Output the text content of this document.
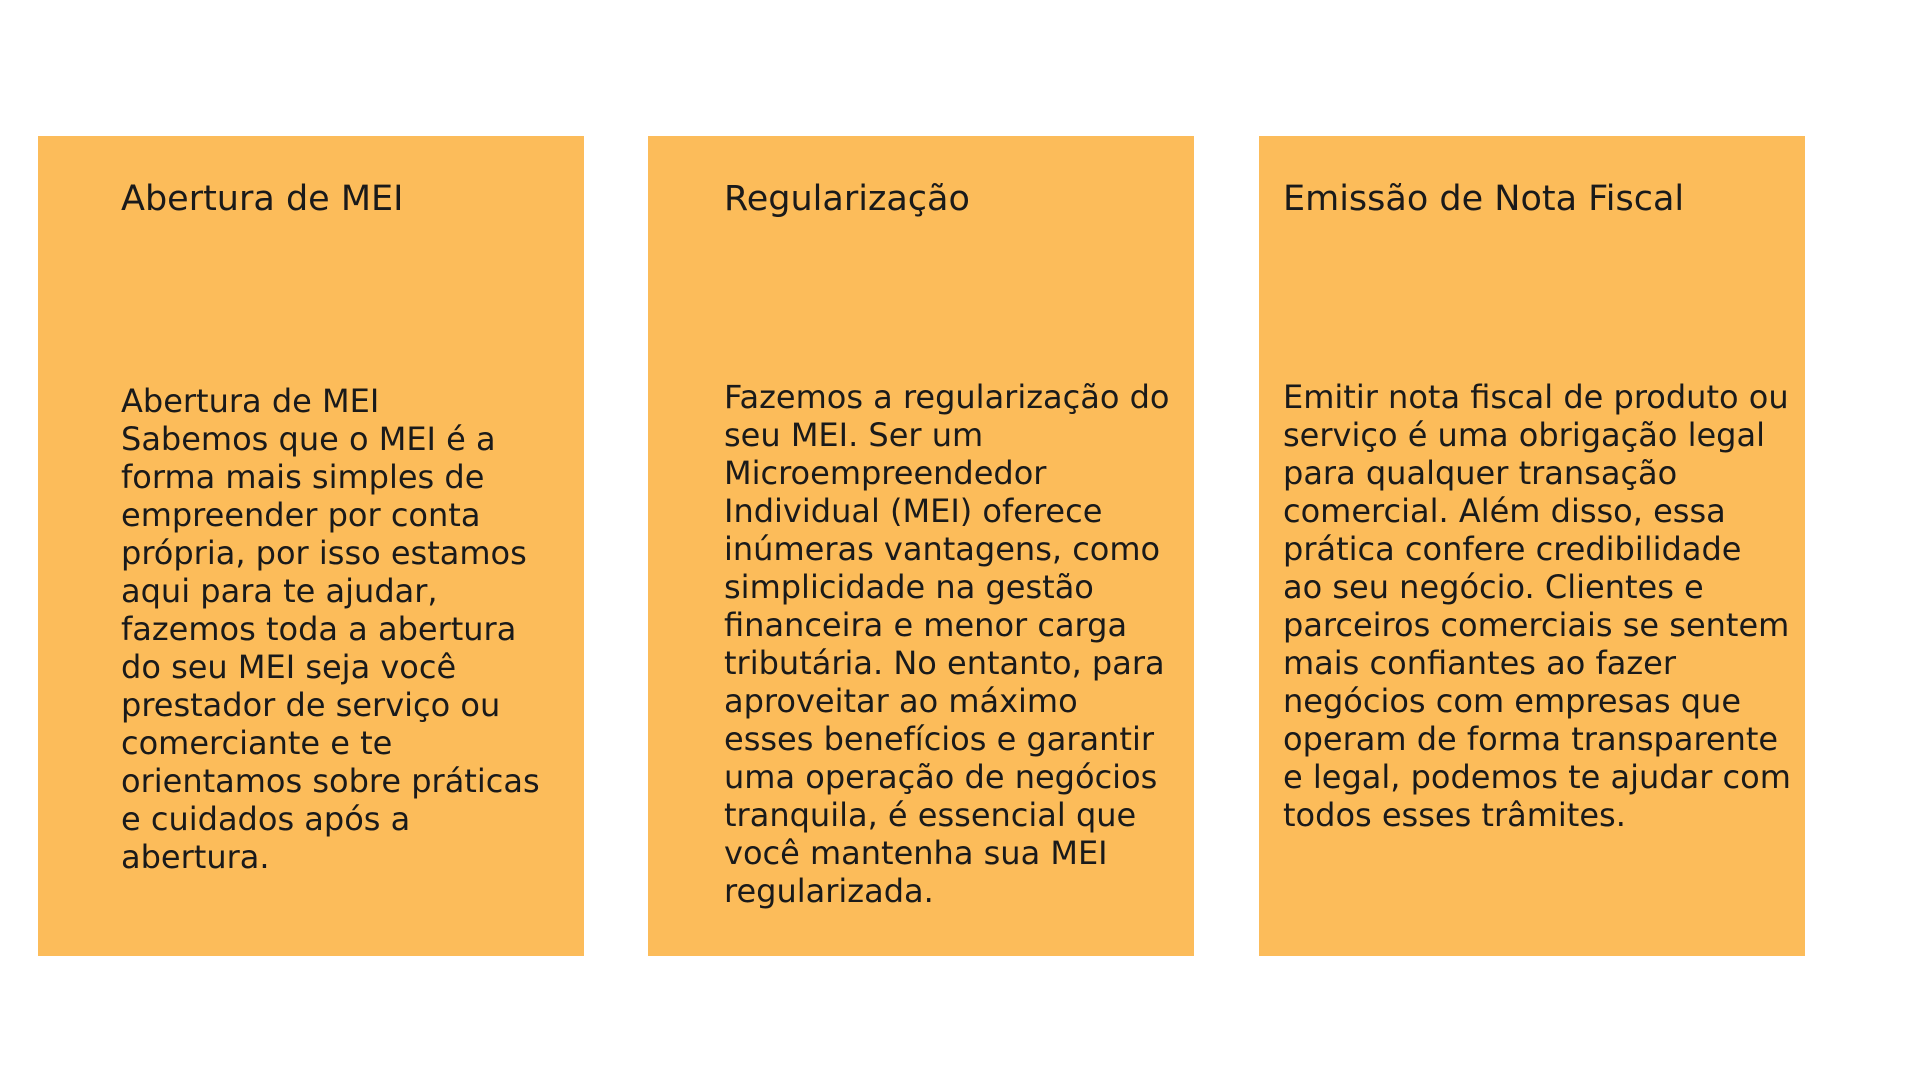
Abertura de MEI

Abertura de MEI
Sabemos que o MEI é a
forma mais simples de
empreender por conta
própria, por isso estamos
aqui para te ajudar,
fazemos toda a abertura
do seu MEI seja você
prestador de serviço ou
comerciante e te
orientamos sobre práticas
e cuidados após a
abertura.

Regularização

Fazemos a regularização do
seu MEI. Ser um
Microempreendedor
Individual (MEI) oferece
inúmeras vantagens, como
simplicidade na gestão
financeira e menor carga
tributária. No entanto, para
aproveitar ao máximo
esses benefícios e garantir
uma operação de negócios
tranquila, é essencial que
você mantenha sua MEI
regularizada.

Emissão de Nota Fiscal

Emitir nota fiscal de produto ou
serviço é uma obrigação legal
para qualquer transação
comercial. Além disso, essa
prática confere credibilidade
ao seu negócio. Clientes e
parceiros comerciais se sentem
mais confiantes ao fazer
negócios com empresas que
operam de forma transparente
e legal, podemos te ajudar com
todos esses trâmites.
